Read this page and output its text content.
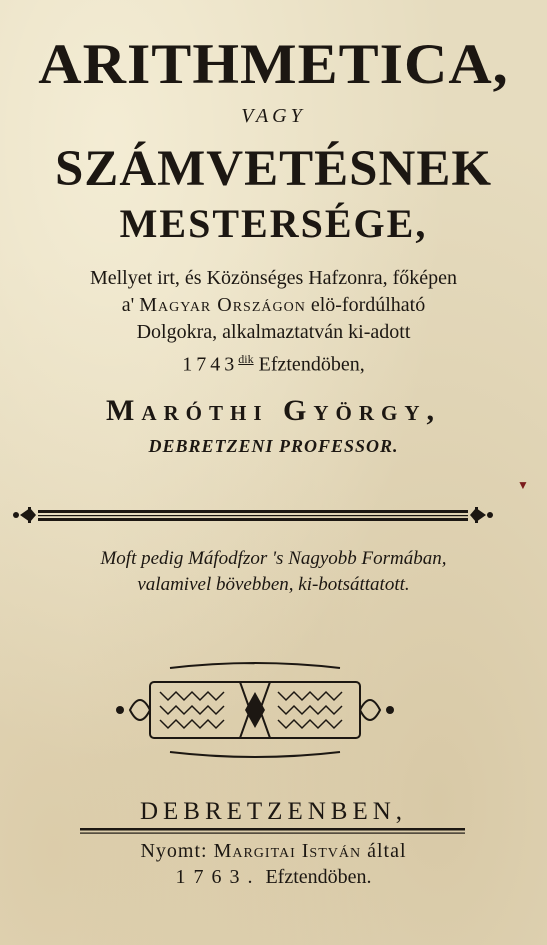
ARITHMETICA,
VAGY
SZÁMVETÉSNEK
MESTERSÉGE,
Mellyet irt, és Közönséges Hafzonra, főképen
a' Magyar Országon elö-fordúlható
Dolgokra, alkalmaztatván ki-adott
$1743^{dik}$ Efztendöben,
Maróthi György,
DEBRETZENI PROFESSOR.
Moft pedig Máfodfzor 's Nagyobb Formában,
valamivel bövebben, ki-botsáttatott.
DEBRETZENBEN,
Nyomt: Margitai István által
1763. Efztendöben.
▼
